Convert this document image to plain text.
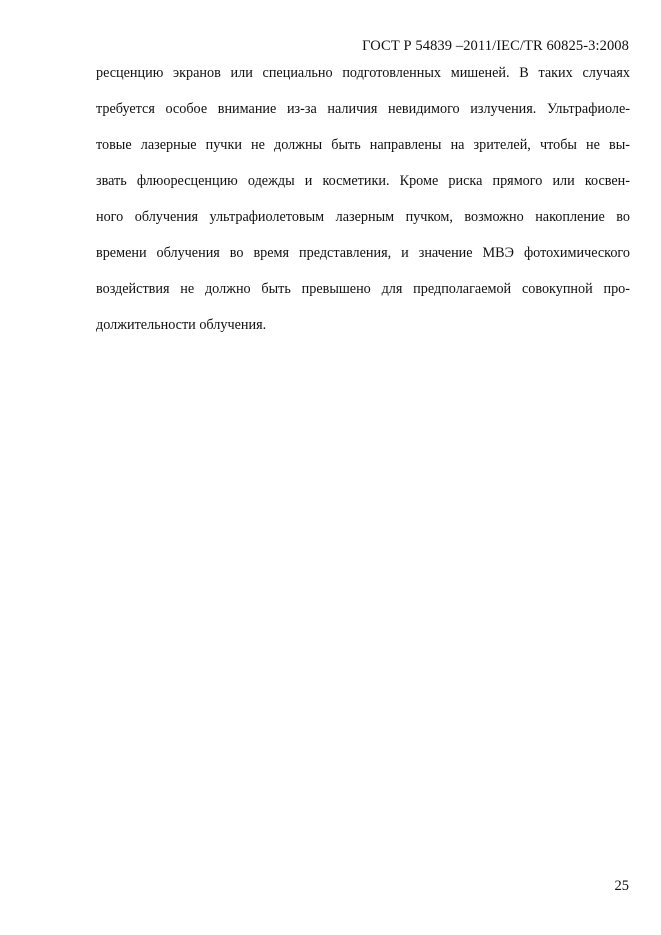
ГОСТ Р 54839 –2011/IEC/TR 60825-3:2008
ресценцию экранов или специально подготовленных мишеней. В таких случаях
требуется особое внимание из-за наличия невидимого излучения. Ультрафиоле-
товые лазерные пучки не должны быть направлены на зрителей, чтобы не вы-
звать флюоресценцию одежды и косметики. Кроме риска прямого или косвен-
ного облучения ультрафиолетовым лазерным пучком, возможно накопление во
времени облучения во время представления, и значение МВЭ фотохимического
воздействия не должно быть превышено для предполагаемой совокупной про-
должительности облучения.
25
